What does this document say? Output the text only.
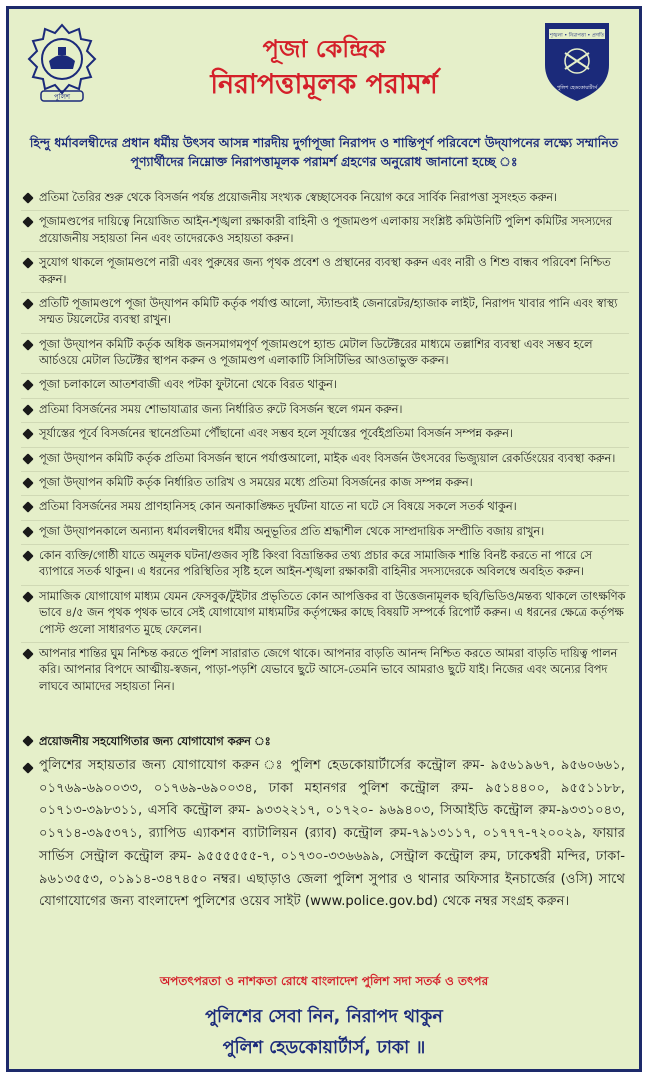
পুলিশ
পূজা কেন্দ্রিক
নিরাপত্তামূলক পরামর্শ
শৃঙ্খলা • নিরাপত্তা • প্রগতি
পুলিশ হেডকোয়ার্টার্স
হিন্দু ধর্মাবলম্বীদের প্রধান ধর্মীয় উৎসব আসন্ন শারদীয় দুর্গাপূজা নিরাপদ ও শান্তিপূর্ণ পরিবেশে উদ্‌যাপনের লক্ষ্যে সম্মানিত পূণ্যার্থীদের নিম্নোক্ত নিরাপত্তামূলক পরামর্শ গ্রহণের অনুরোধ জানানো হচ্ছে ঃ
প্রতিমা তৈরির শুরু থেকে বিসর্জন পর্যন্ত প্রয়োজনীয় সংখ্যক স্বেচ্ছাসেবক নিয়োগ করে সার্বিক নিরাপত্তা সুসংহত করুন।
পূজামণ্ডপের দায়িত্বে নিয়োজিত আইন-শৃঙ্খলা রক্ষাকারী বাহিনী ও পূজামণ্ডপ এলাকায় সংশ্লিষ্ট কমিউনিটি পুলিশ কমিটির সদস্যদের প্রয়োজনীয় সহায়তা নিন এবং তাদেরকেও সহায়তা করুন।
সুযোগ থাকলে পূজামণ্ডপে নারী এবং পুরুষের জন্য পৃথক প্রবেশ ও প্রস্থানের ব্যবস্থা করুন এবং নারী ও শিশু বান্ধব পরিবেশ নিশ্চিত করুন।
প্রতিটি পূজামণ্ডপে পূজা উদ্‌যাপন কমিটি কর্তৃক পর্যাপ্ত আলো, স্ট্যান্ডবাই জেনারেটর/হ্যাজাক লাইট, নিরাপদ খাবার পানি এবং স্বাস্থ্য সম্মত টয়লেটের ব্যবস্থা রাখুন।
পূজা উদ্‌যাপন কমিটি কর্তৃক অধিক জনসমাগমপূর্ণ পূজামণ্ডপে হ্যান্ড মেটাল ডিটেক্টরের মাধ্যমে তল্লাশির ব্যবস্থা এবং সম্ভব হলে আর্চওয়ে মেটাল ডিটেক্টর স্থাপন করুন ও পূজামণ্ডপ এলাকাটি সিসিটিভির আওতাভুক্ত করুন।
পূজা চলাকালে আতশবাজী এবং পটকা ফুটানো থেকে বিরত থাকুন।
প্রতিমা বিসর্জনের সময় শোভাযাত্রার জন্য নির্ধারিত রুটে বিসর্জন স্থলে গমন করুন।
সূর্যাস্তের পূর্বে বিসর্জনের স্থানেপ্রতিমা পৌঁছানো এবং সম্ভব হলে সূর্যাস্তের পূর্বেইপ্রতিমা বিসর্জন সম্পন্ন করুন।
পূজা উদ্‌যাপন কমিটি কর্তৃক প্রতিমা বিসর্জন স্থানে পর্যাপ্তআলো, মাইক এবং বিসর্জন উৎসবের ভিজ্যুয়াল রেকর্ডিংয়ের ব্যবস্থা করুন।
পূজা উদ্‌যাপন কমিটি কর্তৃক নির্ধারিত তারিখ ও সময়ের মধ্যে প্রতিমা বিসর্জনের কাজ সম্পন্ন করুন।
প্রতিমা বিসর্জনের সময় প্রাণহানিসহ কোন অনাকাঙ্ক্ষিত দুর্ঘটনা যাতে না ঘটে সে বিষয়ে সকলে সতর্ক থাকুন।
পূজা উদ্‌যাপনকালে অন্যান্য ধর্মাবলম্বীদের ধর্মীয় অনুভূতির প্রতি শ্রদ্ধাশীল থেকে সাম্প্রদায়িক সম্প্রীতি বজায় রাখুন।
কোন ব্যক্তি/গোষ্ঠী যাতে অমূলক ঘটনা/গুজব সৃষ্টি কিংবা বিভ্রান্তিকর তথ্য প্রচার করে সামাজিক শান্তি বিনষ্ট করতে না পারে সে ব্যাপারে সতর্ক থাকুন। এ ধরনের পরিস্থিতির সৃষ্টি হলে আইন-শৃঙ্খলা রক্ষাকারী বাহিনীর সদস্যদেরকে অবিলম্বে অবহিত করুন।
সামাজিক যোগাযোগ মাধ্যম যেমন ফেসবুক/টুইটার প্রভৃতিতে কোন আপত্তিকর বা উত্তেজনামূলক ছবি/ভিডিও/মন্তব্য থাকলে তাৎক্ষণিক ভাবে ৪/৫ জন পৃথক পৃথক ভাবে সেই যোগাযোগ মাধ্যমটির কর্তৃপক্ষের কাছে বিষয়টি সম্পর্কে রিপোর্ট করুন। এ ধরনের ক্ষেত্রে কর্তৃপক্ষ পোস্ট গুলো সাধারণত মুছে ফেলেন।
আপনার শান্তির ঘুম নিশ্চিন্ত করতে পুলিশ সারারাত জেগে থাকে। আপনার বাড়তি আনন্দ নিশ্চিত করতে আমরা বাড়তি দায়িত্ব পালন করি। আপনার বিপদে আত্মীয়-স্বজন, পাড়া-পড়শি যেভাবে ছুটে আসে-তেমনি ভাবে আমরাও ছুটে যাই। নিজের এবং অন্যের বিপদ লাঘবে আমাদের সহায়তা নিন।
প্রয়োজনীয় সহযোগিতার জন্য যোগাযোগ করুন ঃ
পুলিশের সহায়তার জন্য যোগাযোগ করুন ঃ পুলিশ হেডকোয়ার্টার্সের কন্ট্রোল রুম- ৯৫৬১৯৬৭, ৯৫৬০৬৬১, ০১৭৬৯-৬৯০০৩৩, ০১৭৬৯-৬৯০০৩৪, ঢাকা মহানগর পুলিশ কন্ট্রোল রুম- ৯৫১৪৪০০, ৯৫৫১১৮৮, ০১৭১৩-৩৯৮৩১১, এসবি কন্ট্রোল রুম- ৯৩৩২২১৭, ০১৭২০- ৯৬৯৪০৩, সিআইডি কন্ট্রোল রুম-৯৩৩১০৪৩, ০১৭১৪-৩৯৫৩৭১, র‍্যাপিড এ্যাকশন ব্যাটালিয়ন (র‍্যাব) কন্ট্রোল রুম-৭৯১৩১১৭, ০১৭৭৭-৭২০০২৯, ফায়ার সার্ভিস সেন্ট্রাল কন্ট্রোল রুম- ৯৫৫৫৫৫৫-৭, ০১৭৩০-৩৩৬৬৯৯, সেন্ট্রাল কন্ট্রোল রুম, ঢাকেশ্বরী মন্দির, ঢাকা- ৯৬১৩৫৫৩, ০১৯১৪-৩৪৭৪৫০ নম্বর। এছাড়াও জেলা পুলিশ সুপার ও থানার অফিসার ইনচার্জের (ওসি) সাথে যোগাযোগের জন্য বাংলাদেশ পুলিশের ওয়েব সাইট (www.police.gov.bd) থেকে নম্বর সংগ্রহ করুন।
অপতৎপরতা ও নাশকতা রোধে বাংলাদেশ পুলিশ সদা সতর্ক ও তৎপর
পুলিশের সেবা নিন, নিরাপদ থাকুন
পুলিশ হেডকোয়ার্টার্স, ঢাকা ॥
